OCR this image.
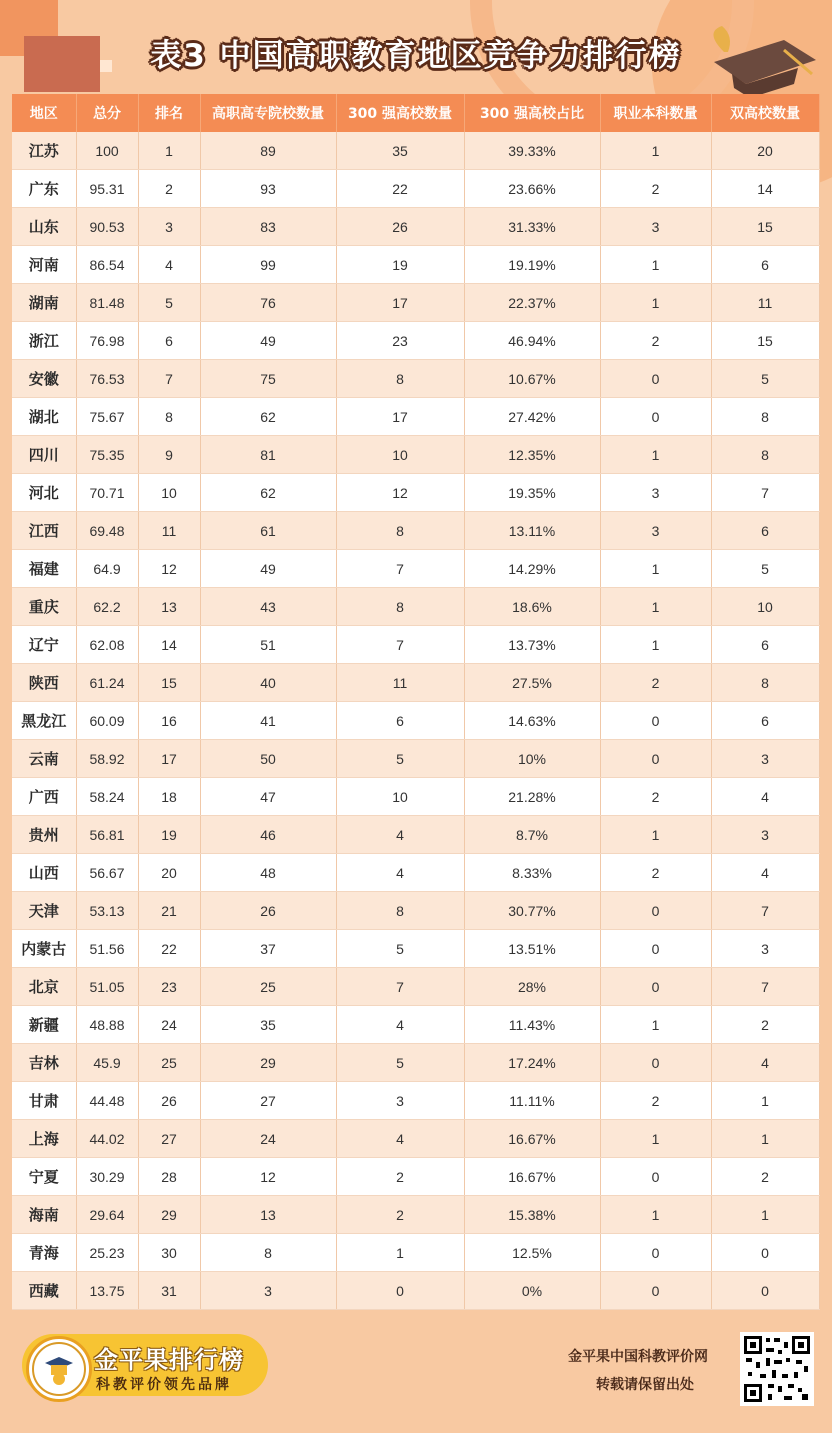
表3 中国高职教育地区竞争力排行榜
地区	总分	排名	高职高专院校数量	300 强高校数量	300 强高校占比	职业本科数量	双高校数量
江苏	100	1	89	35	39.33%	1	20
广东	95.31	2	93	22	23.66%	2	14
山东	90.53	3	83	26	31.33%	3	15
河南	86.54	4	99	19	19.19%	1	6
湖南	81.48	5	76	17	22.37%	1	11
浙江	76.98	6	49	23	46.94%	2	15
安徽	76.53	7	75	8	10.67%	0	5
湖北	75.67	8	62	17	27.42%	0	8
四川	75.35	9	81	10	12.35%	1	8
河北	70.71	10	62	12	19.35%	3	7
江西	69.48	11	61	8	13.11%	3	6
福建	64.9	12	49	7	14.29%	1	5
重庆	62.2	13	43	8	18.6%	1	10
辽宁	62.08	14	51	7	13.73%	1	6
陕西	61.24	15	40	11	27.5%	2	8
黑龙江	60.09	16	41	6	14.63%	0	6
云南	58.92	17	50	5	10%	0	3
广西	58.24	18	47	10	21.28%	2	4
贵州	56.81	19	46	4	8.7%	1	3
山西	56.67	20	48	4	8.33%	2	4
天津	53.13	21	26	8	30.77%	0	7
内蒙古	51.56	22	37	5	13.51%	0	3
北京	51.05	23	25	7	28%	0	7
新疆	48.88	24	35	4	11.43%	1	2
吉林	45.9	25	29	5	17.24%	0	4
甘肃	44.48	26	27	3	11.11%	2	1
上海	44.02	27	24	4	16.67%	1	1
宁夏	30.29	28	12	2	16.67%	0	2
海南	29.64	29	13	2	15.38%	1	1
青海	25.23	30	8	1	12.5%	0	0
西藏	13.75	31	3	0	0%	0	0
金平果排行榜
科教评价领先品牌
金平果中国科教评价网
转载请保留出处
